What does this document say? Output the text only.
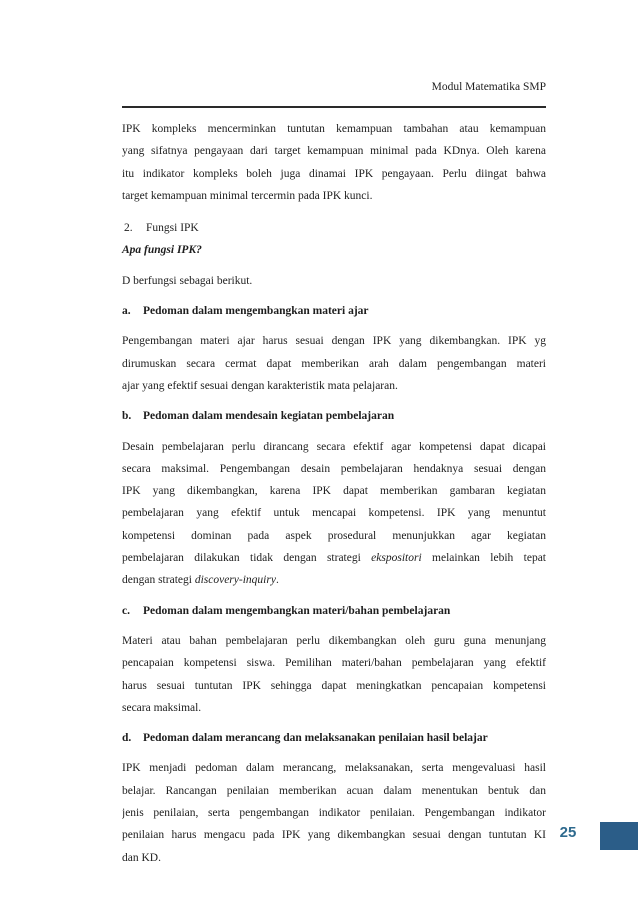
Modul Matematika SMP

IPK kompleks mencerminkan tuntutan kemampuan tambahan atau kemampuan
yang sifatnya pengayaan dari target kemampuan minimal pada KDnya. Oleh karena
itu indikator kompleks boleh juga dinamai IPK pengayaan. Perlu diingat bahwa
target kemampuan minimal tercermin pada IPK kunci.

2. Fungsi IPK

Apa fungsi IPK?

D berfungsi sebagai berikut.

a. Pedoman dalam mengembangkan materi ajar

Pengembangan materi ajar harus sesuai dengan IPK yang dikembangkan. IPK yg
dirumuskan secara cermat dapat memberikan arah dalam pengembangan materi
ajar yang efektif sesuai dengan karakteristik mata pelajaran.

b. Pedoman dalam mendesain kegiatan pembelajaran

Desain pembelajaran perlu dirancang secara efektif agar kompetensi dapat dicapai
secara maksimal. Pengembangan desain pembelajaran hendaknya sesuai dengan
IPK yang dikembangkan, karena IPK dapat memberikan gambaran kegiatan
pembelajaran yang efektif untuk mencapai kompetensi. IPK yang menuntut
kompetensi dominan pada aspek prosedural menunjukkan agar kegiatan
pembelajaran dilakukan tidak dengan strategi ekspositori melainkan lebih tepat
dengan strategi discovery-inquiry.

c. Pedoman dalam mengembangkan materi/bahan pembelajaran

Materi atau bahan pembelajaran perlu dikembangkan oleh guru guna menunjang
pencapaian kompetensi siswa. Pemilihan materi/bahan pembelajaran yang efektif
harus sesuai tuntutan IPK sehingga dapat meningkatkan pencapaian kompetensi
secara maksimal.

d. Pedoman dalam merancang dan melaksanakan penilaian hasil belajar

IPK menjadi pedoman dalam merancang, melaksanakan, serta mengevaluasi hasil
belajar. Rancangan penilaian memberikan acuan dalam menentukan bentuk dan
jenis penilaian, serta pengembangan indikator penilaian. Pengembangan indikator
penilaian harus mengacu pada IPK yang dikembangkan sesuai dengan tuntutan KI
dan KD.

25
